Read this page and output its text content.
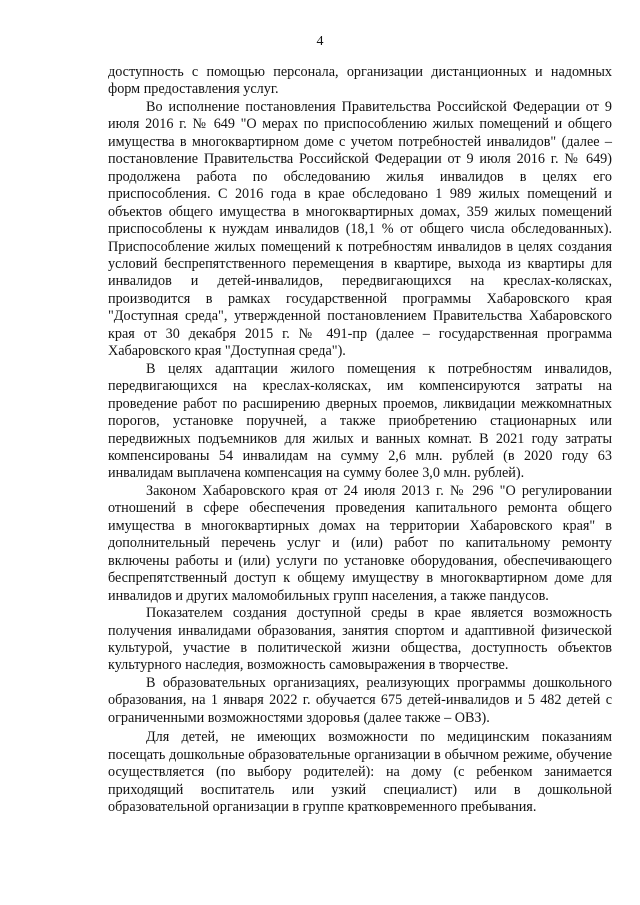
4

доступность с помощью персонала, организации дистанционных и надомных форм предоставления услуг.

Во исполнение постановления Правительства Российской Федерации от 9 июля 2016 г. № 649 "О мерах по приспособлению жилых помещений и общего имущества в многоквартирном доме с учетом потребностей инвалидов" (далее – постановление Правительства Российской Федерации от 9 июля 2016 г. № 649) продолжена работа по обследованию жилья инвалидов в целях его приспособления. С 2016 года в крае обследовано 1 989 жилых помещений и объектов общего имущества в многоквартирных домах, 359 жилых помещений приспособлены к нуждам инвалидов (18,1 % от общего числа обследованных). Приспособление жилых помещений к потребностям инвалидов в целях создания условий беспрепятственного перемещения в квартире, выхода из квартиры для инвалидов и детей-инвалидов, передвигающихся на креслах-колясках, производится в рамках государственной программы Хабаровского края "Доступная среда", утвержденной постановлением Правительства Хабаровского края от 30 декабря 2015 г. № 491-пр (далее – государственная программа Хабаровского края "Доступная среда").

В целях адаптации жилого помещения к потребностям инвалидов, передвигающихся на креслах-колясках, им компенсируются затраты на проведение работ по расширению дверных проемов, ликвидации межкомнатных порогов, установке поручней, а также приобретению стационарных или передвижных подъемников для жилых и ванных комнат. В 2021 году затраты компенсированы 54 инвалидам на сумму 2,6 млн. рублей (в 2020 году 63 инвалидам выплачена компенсация на сумму более 3,0 млн. рублей).

Законом Хабаровского края от 24 июля 2013 г. № 296 "О регулировании отношений в сфере обеспечения проведения капитального ремонта общего имущества в многоквартирных домах на территории Хабаровского края" в дополнительный перечень услуг и (или) работ по капитальному ремонту включены работы и (или) услуги по установке оборудования, обеспечивающего беспрепятственный доступ к общему имуществу в многоквартирном доме для инвалидов и других маломобильных групп населения, а также пандусов.

Показателем создания доступной среды в крае является возможность получения инвалидами образования, занятия спортом и адаптивной физической культурой, участие в политической жизни общества, доступность объектов культурного наследия, возможность самовыражения в творчестве.

В образовательных организациях, реализующих программы дошкольного образования, на 1 января 2022 г. обучается 675 детей-инвалидов и 5 482 детей с ограниченными возможностями здоровья (далее также – ОВЗ).

Для детей, не имеющих возможности по медицинским показаниям посещать дошкольные образовательные организации в обычном режиме, обучение осуществляется (по выбору родителей): на дому (с ребенком занимается приходящий воспитатель или узкий специалист) или в дошкольной образовательной организации в группе кратковременного пребывания.
